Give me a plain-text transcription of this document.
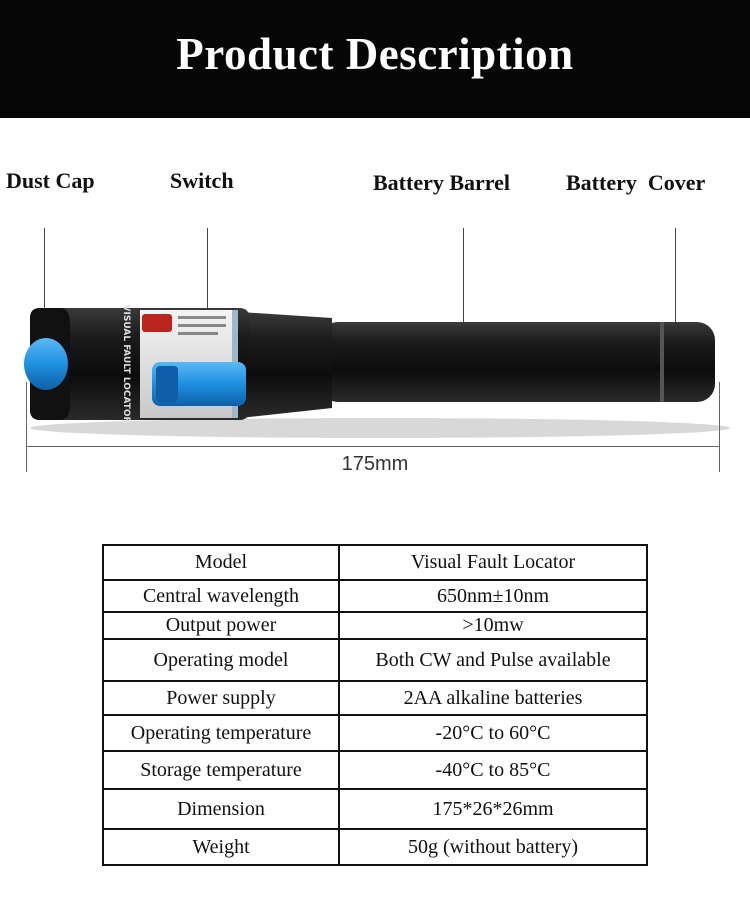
Product Description
Dust Cap	Switch	Battery Barrel	Battery  Cover
VISUAL FAULT LOCATOR
175mm
Model	Visual Fault Locator
Central wavelength	650nm±10nm
Output power	>10mw
Operating model	Both CW and Pulse available
Power supply	2AA alkaline batteries
Operating temperature	-20°C to 60°C
Storage temperature	-40°C to 85°C
Dimension	175*26*26mm
Weight	50g (without battery)
